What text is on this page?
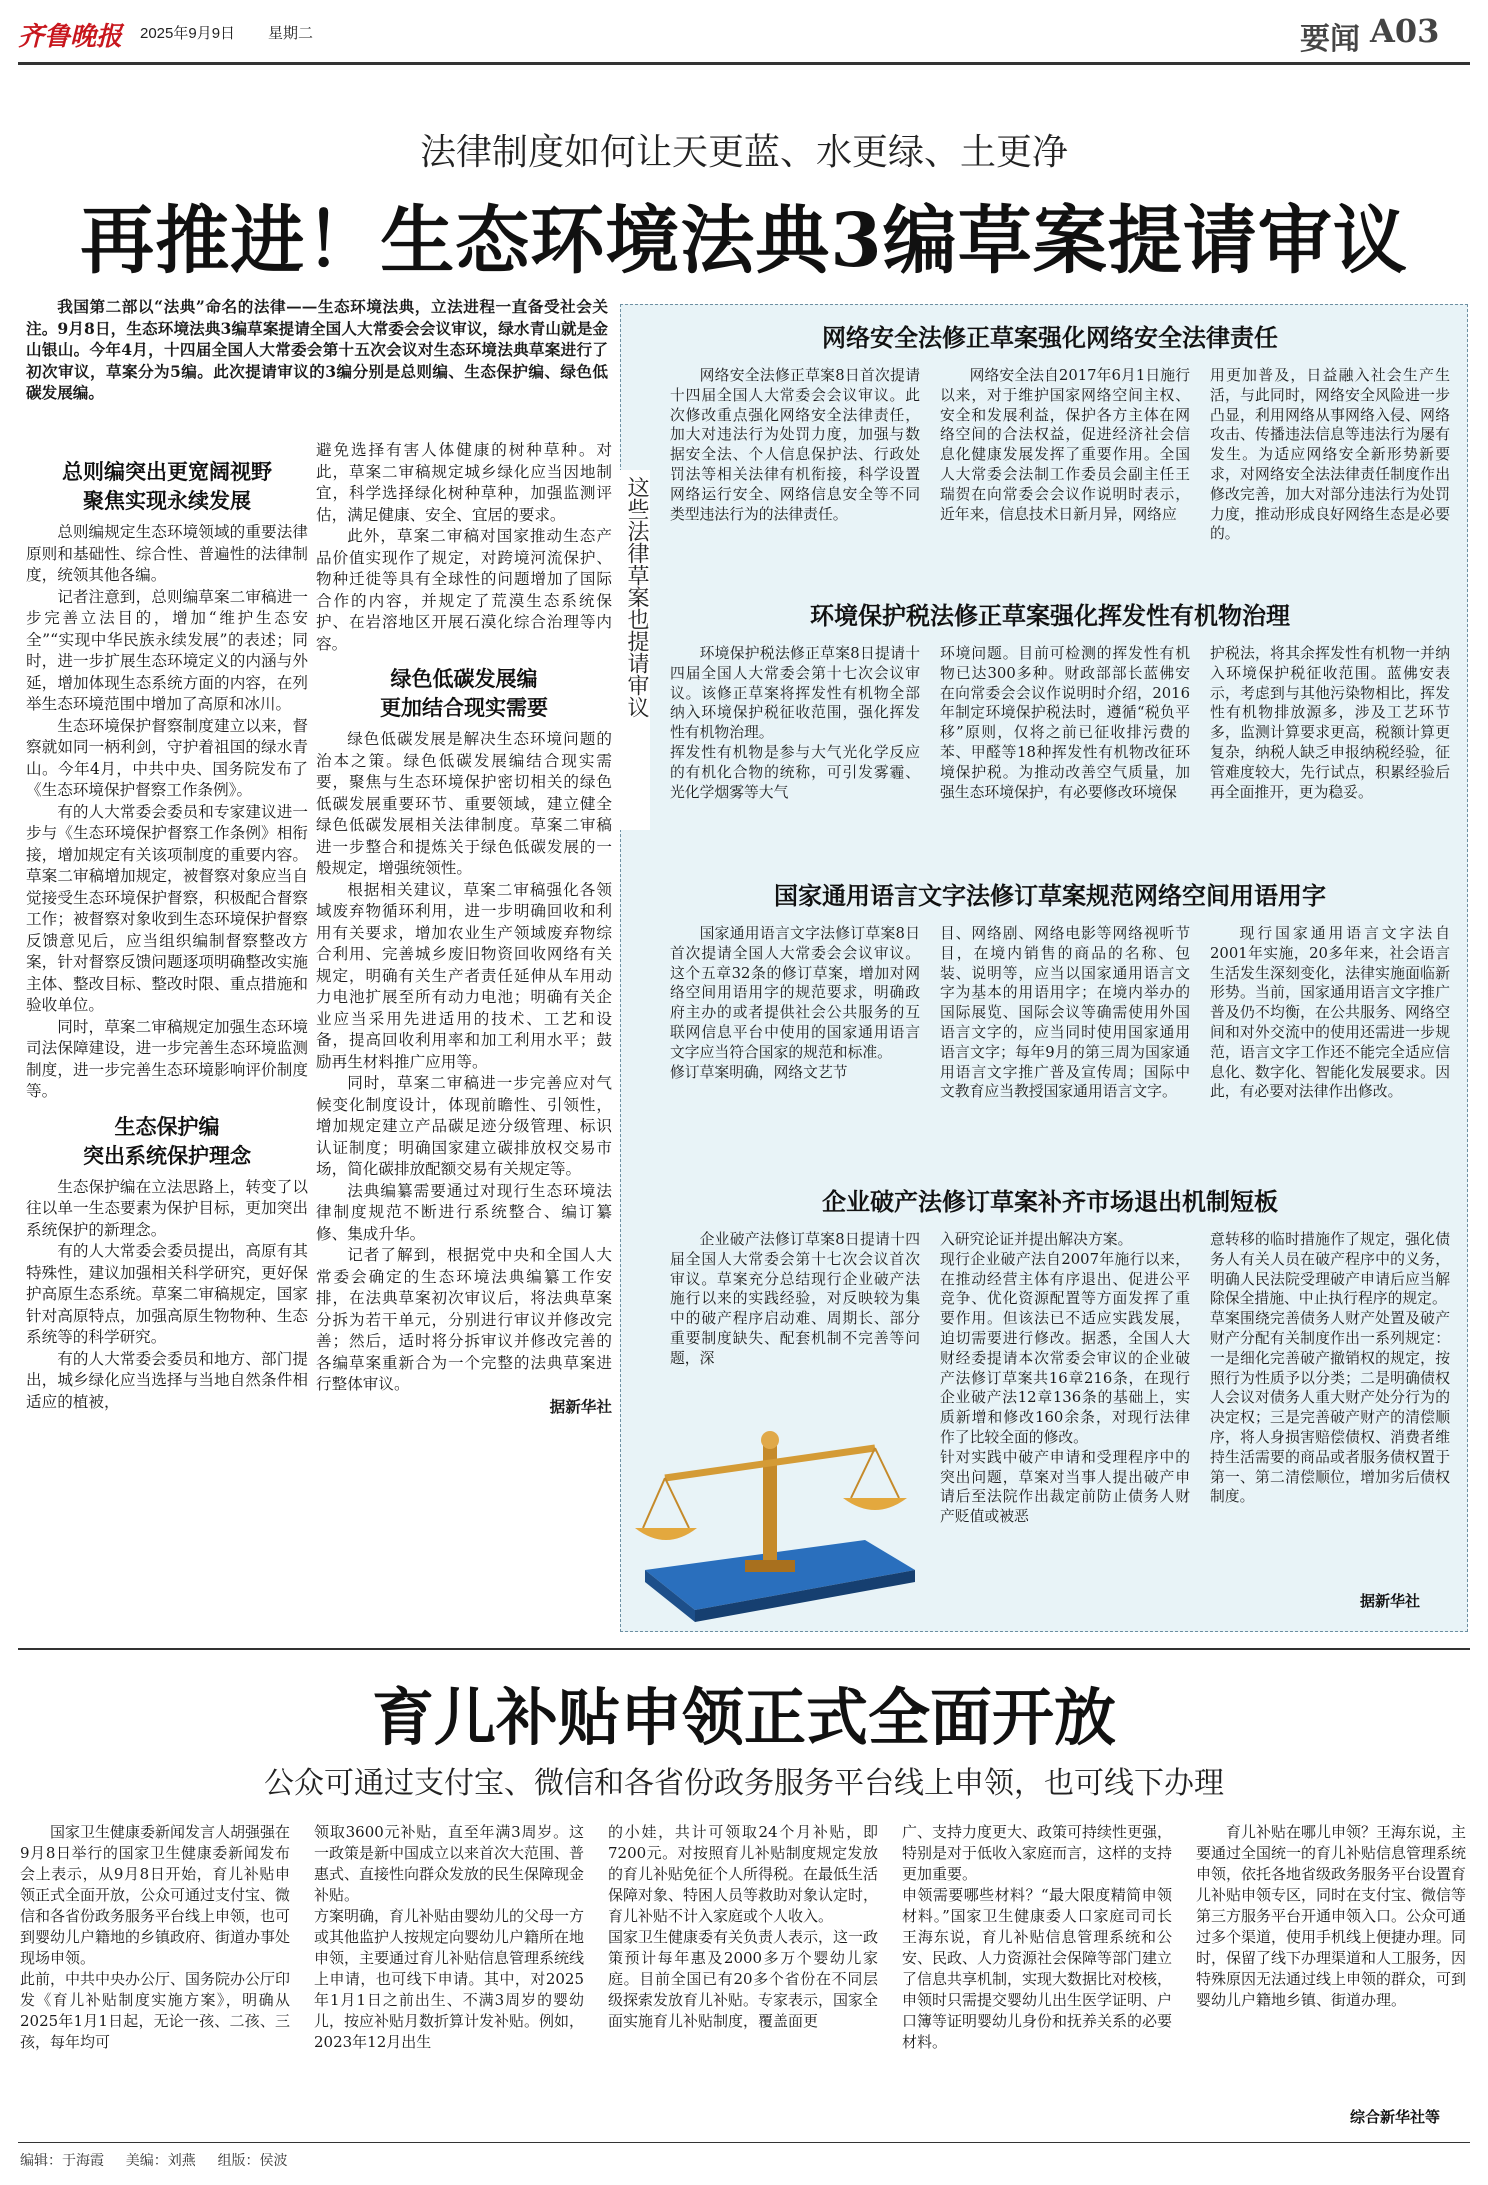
齐鲁晚报 2025年9月9日 星期二	要闻 A03
法律制度如何让天更蓝、水更绿、土更净
再推进！生态环境法典3编草案提请审议
我国第二部以“法典”命名的法律——生态环境法典，立法进程一直备受社会关注。9月8日，生态环境法典3编草案提请全国人大常委会会议审议，绿水青山就是金山银山。今年4月，十四届全国人大常委会第十五次会议对生态环境法典草案进行了初次审议，草案分为5编。此次提请审议的3编分别是总则编、生态保护编、绿色低碳发展编。
总则编突出更宽阔视野
聚焦实现永续发展

总则编规定生态环境领域的重要法律原则和基础性、综合性、普遍性的法律制度，统领其他各编。

记者注意到，总则编草案二审稿进一步完善立法目的，增加“维护生态安全”“实现中华民族永续发展”的表述；同时，进一步扩展生态环境定义的内涵与外延，增加体现生态系统方面的内容，在列举生态环境范围中增加了高原和冰川。

生态环境保护督察制度建立以来，督察就如同一柄利剑，守护着祖国的绿水青山。今年4月，中共中央、国务院发布了《生态环境保护督察工作条例》。

有的人大常委会委员和专家建议进一步与《生态环境保护督察工作条例》相衔接，增加规定有关该项制度的重要内容。草案二审稿增加规定，被督察对象应当自觉接受生态环境保护督察，积极配合督察工作；被督察对象收到生态环境保护督察反馈意见后，应当组织编制督察整改方案，针对督察反馈问题逐项明确整改实施主体、整改目标、整改时限、重点措施和验收单位。

同时，草案二审稿规定加强生态环境司法保障建设，进一步完善生态环境监测制度，进一步完善生态环境影响评价制度等。

生态保护编
突出系统保护理念

生态保护编在立法思路上，转变了以往以单一生态要素为保护目标，更加突出系统保护的新理念。

有的人大常委会委员提出，高原有其特殊性，建议加强相关科学研究，更好保护高原生态系统。草案二审稿规定，国家针对高原特点，加强高原生物物种、生态系统等的科学研究。

有的人大常委会委员和地方、部门提出，城乡绿化应当选择与当地自然条件相适应的植被，

避免选择有害人体健康的树种草种。对此，草案二审稿规定城乡绿化应当因地制宜，科学选择绿化树种草种，加强监测评估，满足健康、安全、宜居的要求。

此外，草案二审稿对国家推动生态产品价值实现作了规定，对跨境河流保护、物种迁徙等具有全球性的问题增加了国际合作的内容，并规定了荒漠生态系统保护、在岩溶地区开展石漠化综合治理等内容。

绿色低碳发展编
更加结合现实需要

绿色低碳发展是解决生态环境问题的治本之策。绿色低碳发展编结合现实需要，聚焦与生态环境保护密切相关的绿色低碳发展重要环节、重要领域，建立健全绿色低碳发展相关法律制度。草案二审稿进一步整合和提炼关于绿色低碳发展的一般规定，增强统领性。

根据相关建议，草案二审稿强化各领域废弃物循环利用，进一步明确回收和利用有关要求，增加农业生产领域废弃物综合利用、完善城乡废旧物资回收网络有关规定，明确有关生产者责任延伸从车用动力电池扩展至所有动力电池；明确有关企业应当采用先进适用的技术、工艺和设备，提高回收利用率和加工利用水平；鼓励再生材料推广应用等。

同时，草案二审稿进一步完善应对气候变化制度设计，体现前瞻性、引领性，增加规定建立产品碳足迹分级管理、标识认证制度；明确国家建立碳排放权交易市场，简化碳排放配额交易有关规定等。

法典编纂需要通过对现行生态环境法律制度规范不断进行系统整合、编订纂修、集成升华。

记者了解到，根据党中央和全国人大常委会确定的生态环境法典编纂工作安排，在法典草案初次审议后，将法典草案分拆为若干单元，分别进行审议并修改完善；然后，适时将分拆审议并修改完善的各编草案重新合为一个完整的法典草案进行整体审议。

据新华社
这些法律草案也提请审议
网络安全法修正草案强化网络安全法律责任

网络安全法修正草案8日首次提请十四届全国人大常委会会议审议。此次修改重点强化网络安全法律责任，加大对违法行为处罚力度，加强与数据安全法、个人信息保护法、行政处罚法等相关法律有机衔接，科学设置网络运行安全、网络信息安全等不同类型违法行为的法律责任。

网络安全法自2017年6月1日施行以来，对于维护国家网络空间主权、安全和发展利益，保护各方主体在网络空间的合法权益，促进经济社会信息化健康发展发挥了重要作用。全国人大常委会法制工作委员会副主任王瑞贺在向常委会会议作说明时表示，近年来，信息技术日新月异，网络应

用更加普及，日益融入社会生产生活，与此同时，网络安全风险进一步凸显，利用网络从事网络入侵、网络攻击、传播违法信息等违法行为屡有发生。为适应网络安全新形势新要求，对网络安全法法律责任制度作出修改完善，加大对部分违法行为处罚力度，推动形成良好网络生态是必要的。

环境保护税法修正草案强化挥发性有机物治理

环境保护税法修正草案8日提请十四届全国人大常委会第十七次会议审议。该修正草案将挥发性有机物全部纳入环境保护税征收范围，强化挥发性有机物治理。
挥发性有机物是参与大气光化学反应的有机化合物的统称，可引发雾霾、光化学烟雾等大气

环境问题。目前可检测的挥发性有机物已达300多种。财政部部长蓝佛安在向常委会会议作说明时介绍，2016年制定环境保护税法时，遵循“税负平移”原则，仅将之前已征收排污费的苯、甲醛等18种挥发性有机物改征环境保护税。为推动改善空气质量，加强生态环境保护，有必要修改环境保

护税法，将其余挥发性有机物一并纳入环境保护税征收范围。蓝佛安表示，考虑到与其他污染物相比，挥发性有机物排放源多，涉及工艺环节多，监测计算要求更高，税额计算更复杂，纳税人缺乏申报纳税经验，征管难度较大，先行试点，积累经验后再全面推开，更为稳妥。

国家通用语言文字法修订草案规范网络空间用语用字

国家通用语言文字法修订草案8日首次提请全国人大常委会会议审议。这个五章32条的修订草案，增加对网络空间用语用字的规范要求，明确政府主办的或者提供社会公共服务的互联网信息平台中使用的国家通用语言文字应当符合国家的规范和标准。
修订草案明确，网络文艺节

目、网络剧、网络电影等网络视听节目，在境内销售的商品的名称、包装、说明等，应当以国家通用语言文字为基本的用语用字；在境内举办的国际展览、国际会议等确需使用外国语言文字的，应当同时使用国家通用语言文字；每年9月的第三周为国家通用语言文字推广普及宣传周；国际中文教育应当教授国家通用语言文字。

现行国家通用语言文字法自2001年实施，20多年来，社会语言生活发生深刻变化，法律实施面临新形势。当前，国家通用语言文字推广普及仍不均衡，在公共服务、网络空间和对外交流中的使用还需进一步规范，语言文字工作还不能完全适应信息化、数字化、智能化发展要求。因此，有必要对法律作出修改。

企业破产法修订草案补齐市场退出机制短板

企业破产法修订草案8日提请十四届全国人大常委会第十七次会议首次审议。草案充分总结现行企业破产法施行以来的实践经验，对反映较为集中的破产程序启动难、周期长、部分重要制度缺失、配套机制不完善等问题，深

入研究论证并提出解决方案。
现行企业破产法自2007年施行以来，在推动经营主体有序退出、促进公平竞争、优化资源配置等方面发挥了重要作用。但该法已不适应实践发展，迫切需要进行修改。据悉，全国人大财经委提请本次常委会审议的企业破产法修订草案共16章216条，在现行企业破产法12章136条的基础上，实质新增和修改160余条，对现行法律作了比较全面的修改。
针对实践中破产申请和受理程序中的突出问题，草案对当事人提出破产申请后至法院作出裁定前防止债务人财产贬值或被恶

意转移的临时措施作了规定，强化债务人有关人员在破产程序中的义务，明确人民法院受理破产申请后应当解除保全措施、中止执行程序的规定。
草案围绕完善债务人财产处置及破产财产分配有关制度作出一系列规定：一是细化完善破产撤销权的规定，按照行为性质予以分类；二是明确债权人会议对债务人重大财产处分行为的决定权；三是完善破产财产的清偿顺序，将人身损害赔偿债权、消费者维持生活需要的商品或者服务债权置于第一、第二清偿顺位，增加劣后债权制度。

据新华社
育儿补贴申领正式全面开放
公众可通过支付宝、微信和各省份政务服务平台线上申领，也可线下办理

国家卫生健康委新闻发言人胡强强在9月8日举行的国家卫生健康委新闻发布会上表示，从9月8日开始，育儿补贴申领正式全面开放，公众可通过支付宝、微信和各省份政务服务平台线上申领，也可到婴幼儿户籍地的乡镇政府、街道办事处现场申领。
此前，中共中央办公厅、国务院办公厅印发《育儿补贴制度实施方案》，明确从2025年1月1日起，无论一孩、二孩、三孩，每年均可

领取3600元补贴，直至年满3周岁。这一政策是新中国成立以来首次大范围、普惠式、直接性向群众发放的民生保障现金补贴。
方案明确，育儿补贴由婴幼儿的父母一方或其他监护人按规定向婴幼儿户籍所在地申领，主要通过育儿补贴信息管理系统线上申请，也可线下申请。其中，对2025年1月1日之前出生、不满3周岁的婴幼儿，按应补贴月数折算计发补贴。例如，2023年12月出生

的小娃，共计可领取24个月补贴，即7200元。对按照育儿补贴制度规定发放的育儿补贴免征个人所得税。在最低生活保障对象、特困人员等救助对象认定时，育儿补贴不计入家庭或个人收入。
国家卫生健康委有关负责人表示，这一政策预计每年惠及2000多万个婴幼儿家庭。目前全国已有20多个省份在不同层级探索发放育儿补贴。专家表示，国家全面实施育儿补贴制度，覆盖面更

广、支持力度更大、政策可持续性更强，特别是对于低收入家庭而言，这样的支持更加重要。
申领需要哪些材料？“最大限度精简申领材料。”国家卫生健康委人口家庭司司长王海东说，育儿补贴信息管理系统和公安、民政、人力资源社会保障等部门建立了信息共享机制，实现大数据比对校核，申领时只需提交婴幼儿出生医学证明、户口簿等证明婴幼儿身份和抚养关系的必要材料。

育儿补贴在哪儿申领？王海东说，主要通过全国统一的育儿补贴信息管理系统申领，依托各地省级政务服务平台设置育儿补贴申领专区，同时在支付宝、微信等第三方服务平台开通申领入口。公众可通过多个渠道，使用手机线上便捷办理。同时，保留了线下办理渠道和人工服务，因特殊原因无法通过线上申领的群众，可到婴幼儿户籍地乡镇、街道办理。

综合新华社等
编辑：于海霞 美编：刘燕 组版：侯波
